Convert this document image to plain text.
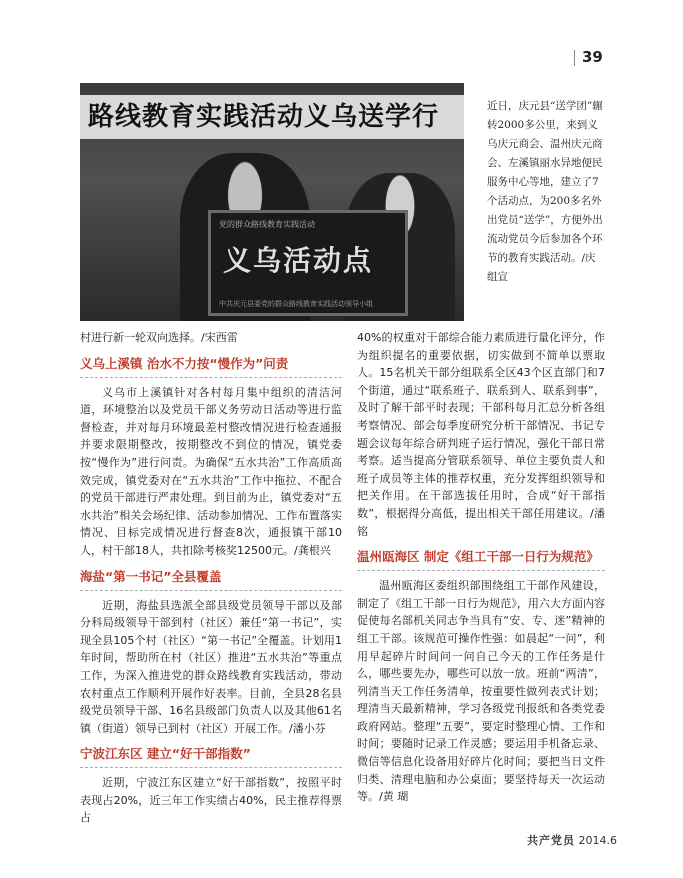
39
路线教育实践活动义乌送学行
党的群众路线教育实践活动
义乌活动点
中共庆元县委党的群众路线教育实践活动领导小组
近日，庆元县“送学团”辗转2000多公里，来到义乌庆元商会、温州庆元商会、左溪镇丽水异地便民服务中心等地，建立了7个活动点，为200多名外出党员“送学”，方便外出流动党员今后参加各个环节的教育实践活动。/庆组宣

村进行新一轮双向选择。/宋西雷

义乌上溪镇 治水不力按“慢作为”问责

义乌市上溪镇针对各村每月集中组织的清洁河道，环境整治以及党员干部义务劳动日活动等进行监督检查，并对每月环境最差村整改情况进行检查通报并要求限期整改，按期整改不到位的情况，镇党委按“慢作为”进行问责。为确保“五水共治”工作高质高效完成，镇党委对在“五水共治”工作中拖拉、不配合的党员干部进行严肃处理。到目前为止，镇党委对“五水共治”相关会场纪律、活动参加情况、工作布置落实情况、目标完成情况进行督查8次，通报镇干部10人，村干部18人，共扣除考核奖12500元。/龚根兴

海盐“第一书记”全县覆盖

近期，海盐县选派全部县级党员领导干部以及部分科局级领导干部到村（社区）兼任“第一书记”，实现全县105个村（社区）“第一书记”全覆盖。计划用1年时间，帮助所在村（社区）推进“五水共治”等重点工作，为深入推进党的群众路线教育实践活动，带动农村重点工作顺利开展作好表率。目前，全县28名县级党员领导干部、16名县级部门负责人以及其他61名镇（街道）领导已到村（社区）开展工作。/潘小芬

宁波江东区 建立“好干部指数”

近期，宁波江东区建立“好干部指数”，按照平时表现占20%，近三年工作实绩占40%，民主推荐得票占

40%的权重对干部综合能力素质进行量化评分，作为组织提名的重要依据，切实做到不简单以票取人。15名机关干部分组联系全区43个区直部门和7个街道，通过“联系班子、联系到人、联系到事”，及时了解干部平时表现；干部科每月汇总分析各组考察情况、部会每季度研究分析干部情况、书记专题会议每年综合研判班子运行情况，强化干部日常考察。适当提高分管联系领导、单位主要负责人和班子成员等主体的推荐权重，充分发挥组织领导和把关作用。在干部选拔任用时，合成“好干部指数”，根据得分高低，提出相关干部任用建议。/潘 铭

温州瓯海区 制定《组工干部一日行为规范》

温州瓯海区委组织部围绕组工干部作风建设，制定了《组工干部一日行为规范》，用六大方面内容促使每名部机关同志争当具有“安、专、迷”精神的组工干部。该规范可操作性强：如晨起“一问”，利用早起碎片时间问一问自己今天的工作任务是什么，哪些要先办，哪些可以放一放。班前“两清”，列清当天工作任务清单，按重要性做列表式计划；理清当天最新精神，学习各级党刊报纸和各类党委政府网站。整理“五要”，要定时整理心情、工作和时间；要随时记录工作灵感；要运用手机备忘录、微信等信息化设备用好碎片化时间；要把当日文件归类、清理电脑和办公桌面；要坚持每天一次运动等。/黄 瑚

共产党员 2014.6
